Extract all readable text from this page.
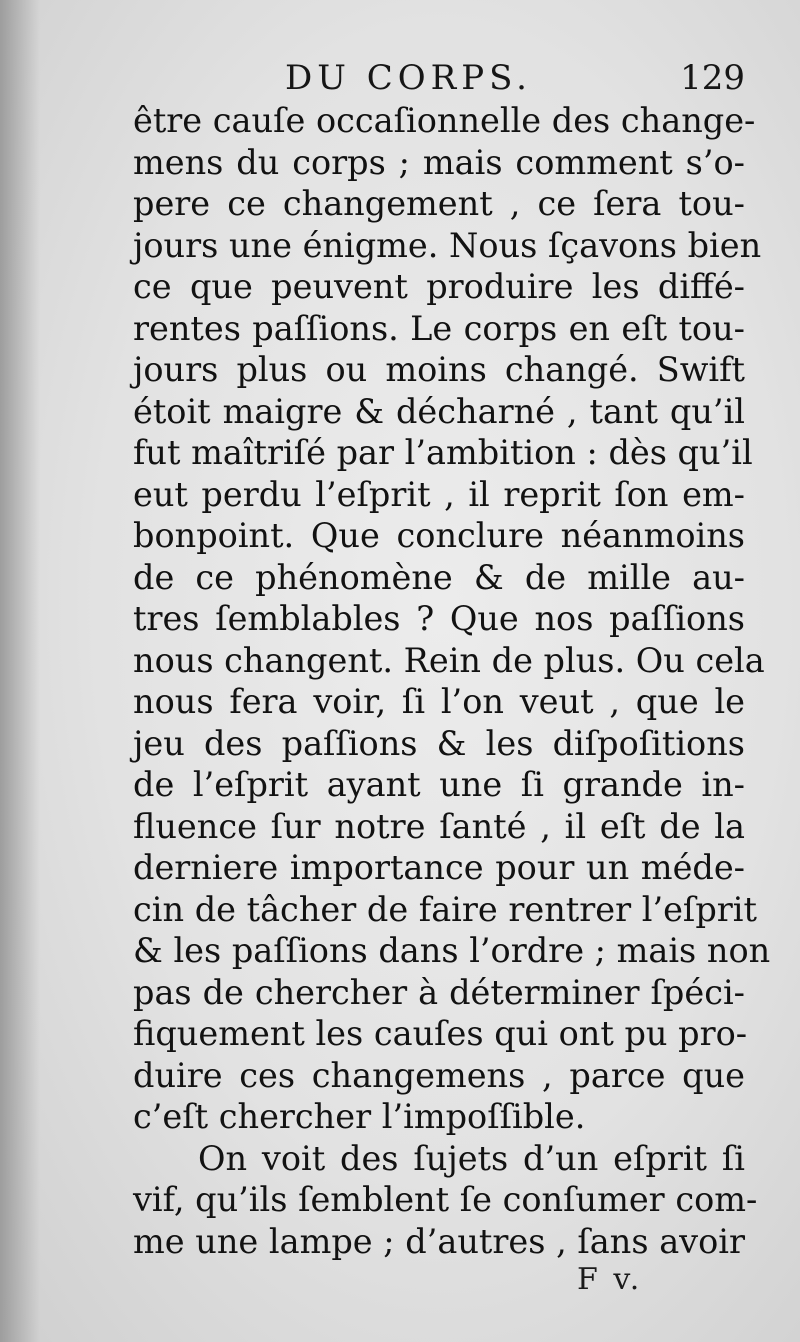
DU CORPS.	129
être cauſe occaſionnelle des change-
mens du corps ; mais comment s’o-
pere ce changement , ce ſera tou-
jours une énigme. Nous ſçavons bien
ce que peuvent produire les diffé-
rentes paſſions. Le corps en eſt tou-
jours plus ou moins changé. Swift
étoit maigre & décharné , tant qu’il
fut maîtriſé par l’ambition : dès qu’il
eut perdu l’eſprit , il reprit ſon em-
bonpoint. Que conclure néanmoins
de ce phénomène & de mille au-
tres ſemblables ? Que nos paſſions
nous changent. Rein de plus. Ou cela
nous fera voir, ſi l’on veut , que le
jeu des paſſions & les diſpoſitions
de l’eſprit ayant une ſi grande in-
fluence ſur notre ſanté , il eſt de la
derniere importance pour un méde-
cin de tâcher de faire rentrer l’eſprit
& les paſſions dans l’ordre ; mais non
pas de chercher à déterminer ſpéci-
fiquement les cauſes qui ont pu pro-
duire ces changemens , parce que
c’eſt chercher l’impoſſible.
On voit des ſujets d’un eſprit ſi
vif, qu’ils ſemblent ſe conſumer com-
me une lampe ; d’autres , ſans avoir
F v.
